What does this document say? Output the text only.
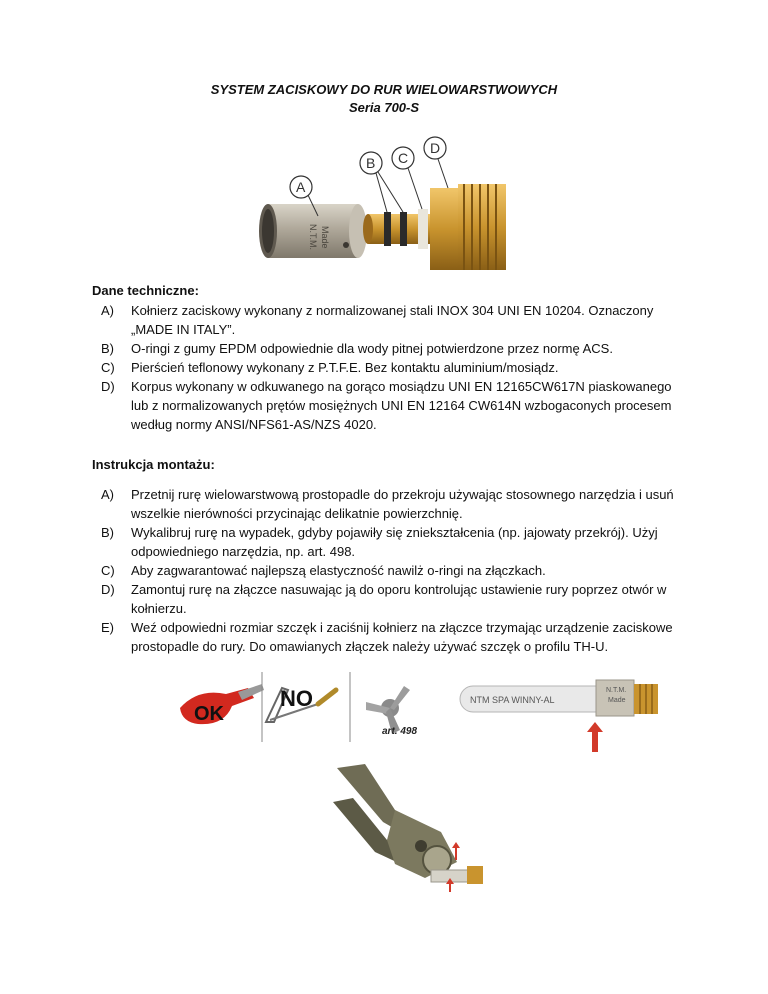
SYSTEM ZACISKOWY DO RUR WIELOWARSTWOWYCH
Seria 700-S
N.T.M. Made
A
B C
D
Dane techniczne:
A) Kołnierz zaciskowy wykonany z normalizowanej stali INOX 304 UNI EN 10204. Oznaczony „MADE IN ITALY”.
B) O-ringi z gumy EPDM odpowiednie dla wody pitnej potwierdzone przez normę ACS.
C) Pierścień teflonowy wykonany z P.T.F.E. Bez kontaktu aluminium/mosiądz.
D) Korpus wykonany w odkuwanego na gorąco mosiądzu UNI EN 12165CW617N piaskowanego lub z normalizowanych prętów mosiężnych UNI EN 12164 CW614N wzbogaconych procesem według normy ANSI/NFS61-AS/NZS 4020.
Instrukcja montażu:
A) Przetnij rurę wielowarstwową prostopadle do przekroju używając stosownego narzędzia i usuń wszelkie nierówności przycinając delikatnie powierzchnię.
B) Wykalibruj rurę na wypadek, gdyby pojawiły się zniekształcenia (np. jajowaty przekrój). Użyj odpowiedniego narzędzia, np. art. 498.
C) Aby zagwarantować najlepszą elastyczność nawilż o-ringi na złączkach.
D) Zamontuj rurę na złączce nasuwając ją do oporu kontrolując ustawienie rury poprzez otwór w kołnierzu.
E) Weź odpowiedni rozmiar szczęk i zaciśnij kołnierz na złączce trzymając urządzenie zaciskowe prostopadle do rury. Do omawianych złączek należy używać szczęk o profilu TH-U.
OK
NO
art. 498
NTM SPA WINNY-AL
N.T.M.
Made
